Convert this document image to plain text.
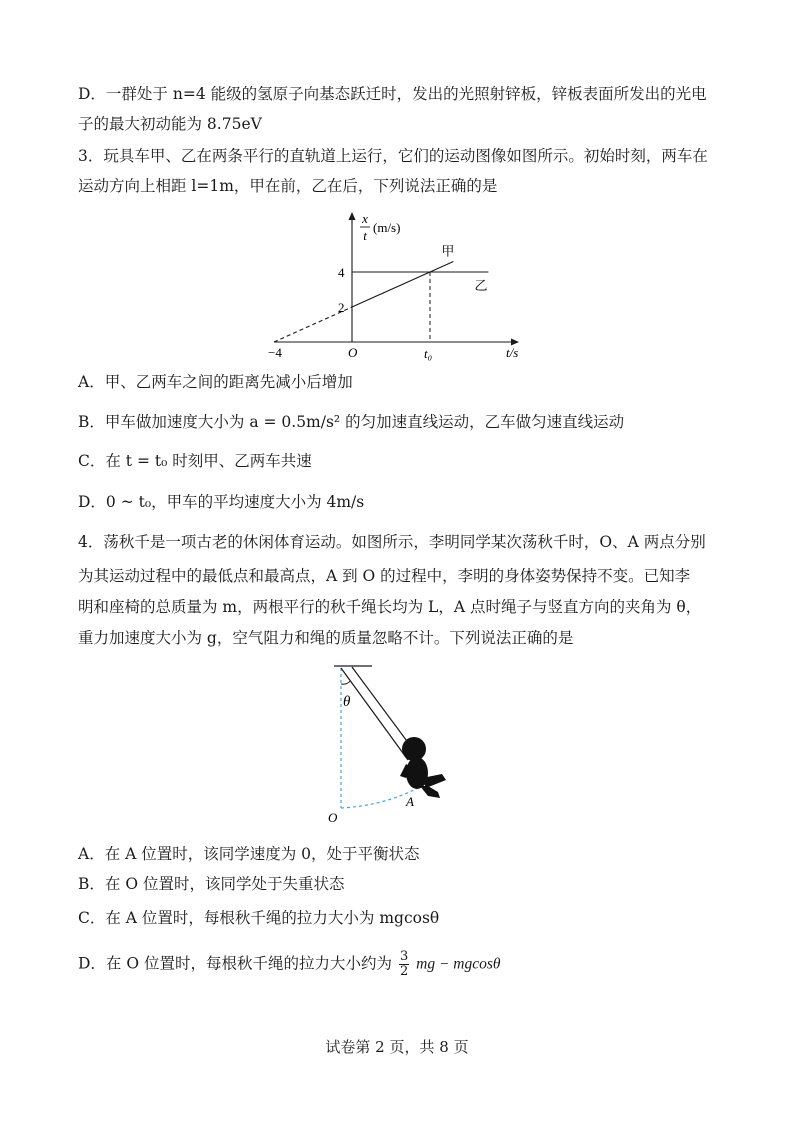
D．一群处于 n=4 能级的氢原子向基态跃迁时，发出的光照射锌板，锌板表面所发出的光电
子的最大初动能为 8.75eV
3．玩具车甲、乙在两条平行的直轨道上运行，它们的运动图像如图所示。初始时刻，两车在
运动方向上相距 l=1m，甲在前，乙在后，下列说法正确的是
甲
乙
2
4
−4	O	t₀
x
t
(m/s)
t/s
A．甲、乙两车之间的距离先减小后增加
B．甲车做加速度大小为 a = 0.5m/s² 的匀加速直线运动，乙车做匀速直线运动
C．在 t = t₀ 时刻甲、乙两车共速
D．0 ~ t₀，甲车的平均速度大小为 4m/s
4．荡秋千是一项古老的休闲体育运动。如图所示，李明同学某次荡秋千时，O、A 两点分别
为其运动过程中的最低点和最高点，A 到 O 的过程中，李明的身体姿势保持不变。已知李
明和座椅的总质量为 m，两根平行的秋千绳长均为 L，A 点时绳子与竖直方向的夹角为 θ，
重力加速度大小为 g，空气阻力和绳的质量忽略不计。下列说法正确的是
θ
O
A
A．在 A 位置时，该同学速度为 0，处于平衡状态
B．在 O 位置时，该同学处于失重状态
C．在 A 位置时，每根秋千绳的拉力大小为 mgcosθ
D．在 O 位置时，每根秋千绳的拉力大小约为 $\frac{3}{2}$ mg − mgcosθ
试卷第 2 页，共 8 页
